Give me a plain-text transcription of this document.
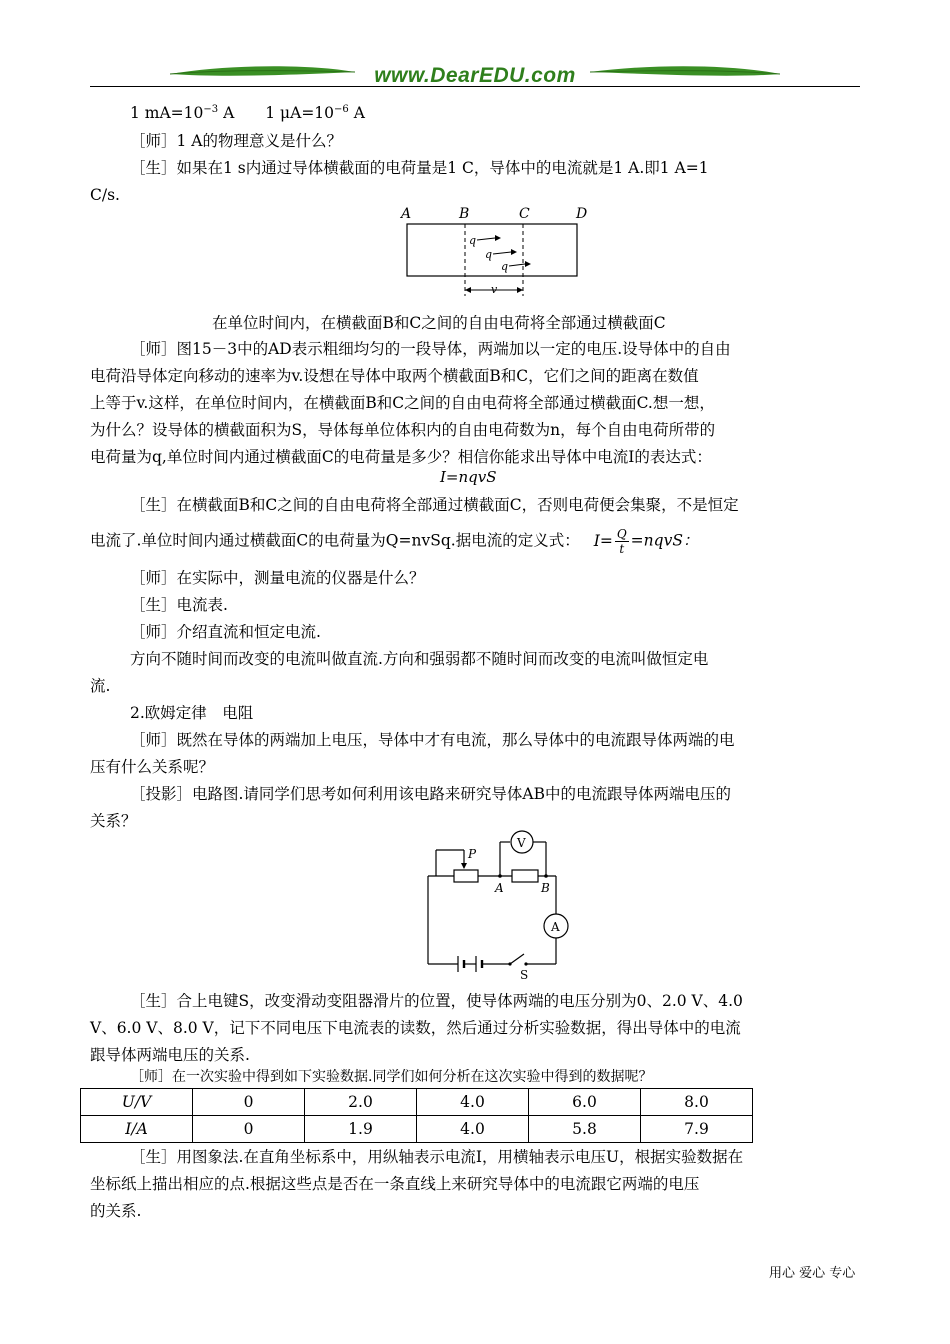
www.DearEDU.com
1 $mA=10^{-3}$ A　　1 $\mu A=10^{-6}$ A
［师］1 A的物理意义是什么？
［生］如果在1 s内通过导体横截面的电荷量是1 C，导体中的电流就是1 A.即1 A=1
C/s.
A	B	C	D
q
q
q
v
在单位时间内，在横截面B和C之间的自由电荷将全部通过横截面C
［师］图15－3中的AD表示粗细均匀的一段导体，两端加以一定的电压.设导体中的自由
电荷沿导体定向移动的速率为v.设想在导体中取两个横截面B和C，它们之间的距离在数值
上等于v.这样，在单位时间内，在横截面B和C之间的自由电荷将全部通过横截面C.想一想，
为什么？设导体的横截面积为S，导体每单位体积内的自由电荷数为n，每个自由电荷所带的
电荷量为q,单位时间内通过横截面C的电荷量是多少？相信你能求出导体中电流I的表达式：
I=nqvS
［生］在横截面B和C之间的自由电荷将全部通过横截面C，否则电荷便会集聚，不是恒定
电流了.单位时间内通过横截面C的电荷量为Q=nvSq.据电流的定义式： $I= \frac{Q}{t}$ =nqvS：
［师］在实际中，测量电流的仪器是什么？
［生］电流表.
［师］介绍直流和恒定电流.
方向不随时间而改变的电流叫做直流.方向和强弱都不随时间而改变的电流叫做恒定电
流.
2.欧姆定律　电阻
［师］既然在导体的两端加上电压，导体中才有电流，那么导体中的电流跟导体两端的电
压有什么关系呢？
［投影］电路图.请同学们思考如何利用该电路来研究导体AB中的电流跟导体两端电压的
关系？
P
A	B
V
A
S
［生］合上电键S，改变滑动变阻器滑片的位置，使导体两端的电压分别为0、2.0 V、4.0
V、6.0 V、8.0 V，记下不同电压下电流表的读数，然后通过分析实验数据，得出导体中的电流
跟导体两端电压的关系.
［师］在一次实验中得到如下实验数据.同学们如何分析在这次实验中得到的数据呢？
U/V	0	2.0	4.0	6.0	8.0
I/A	0	1.9	4.0	5.8	7.9
［生］用图象法.在直角坐标系中，用纵轴表示电流I，用横轴表示电压U，根据实验数据在
坐标纸上描出相应的点.根据这些点是否在一条直线上来研究导体中的电流跟它两端的电压
的关系.
用心 爱心 专心
